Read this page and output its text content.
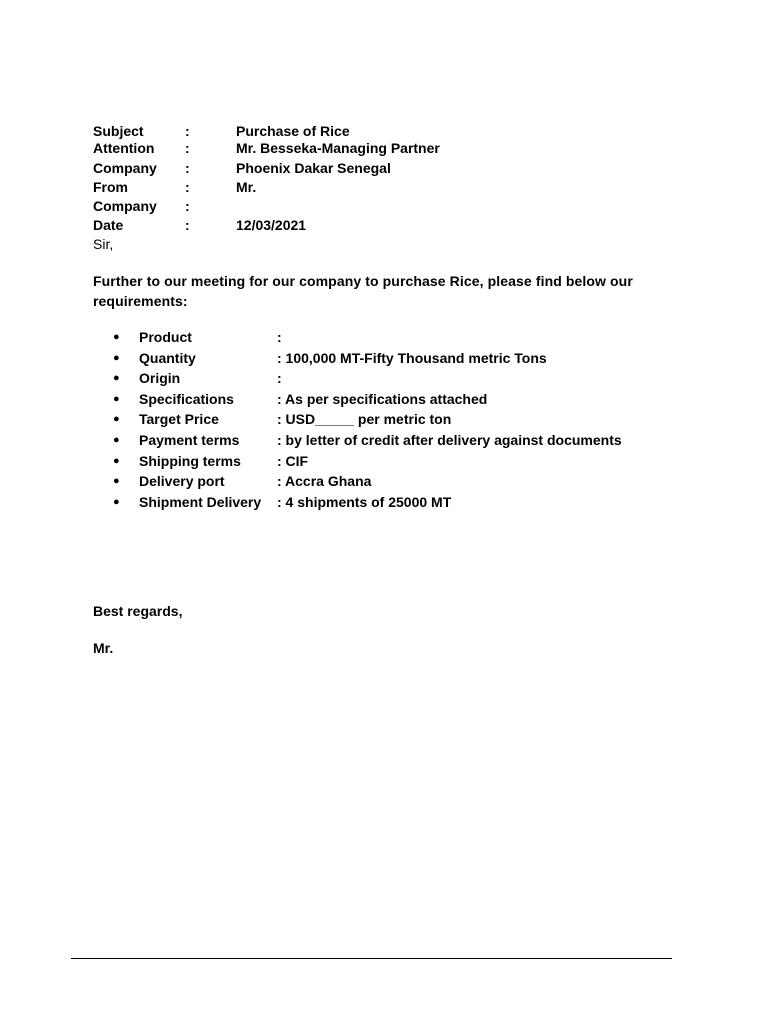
Subject	:	Purchase of Rice
Attention :	Mr. Besseka-Managing Partner
Company :	Phoenix Dakar Senegal
From	:	Mr.
Company :
Date	:	12/03/2021
Sir,
Further to our meeting for our company to purchase Rice, please find below our requirements:
● Product	:
● Quantity	: 100,000 MT-Fifty Thousand metric Tons
● Origin	:
● Specifications	: As per specifications attached
● Target Price	: USD_____ per metric ton
● Payment terms	: by letter of credit after delivery against documents
● Shipping terms	: CIF
● Delivery port	: Accra Ghana
● Shipment Delivery : 4 shipments of 25000 MT
Best regards,
Mr.
